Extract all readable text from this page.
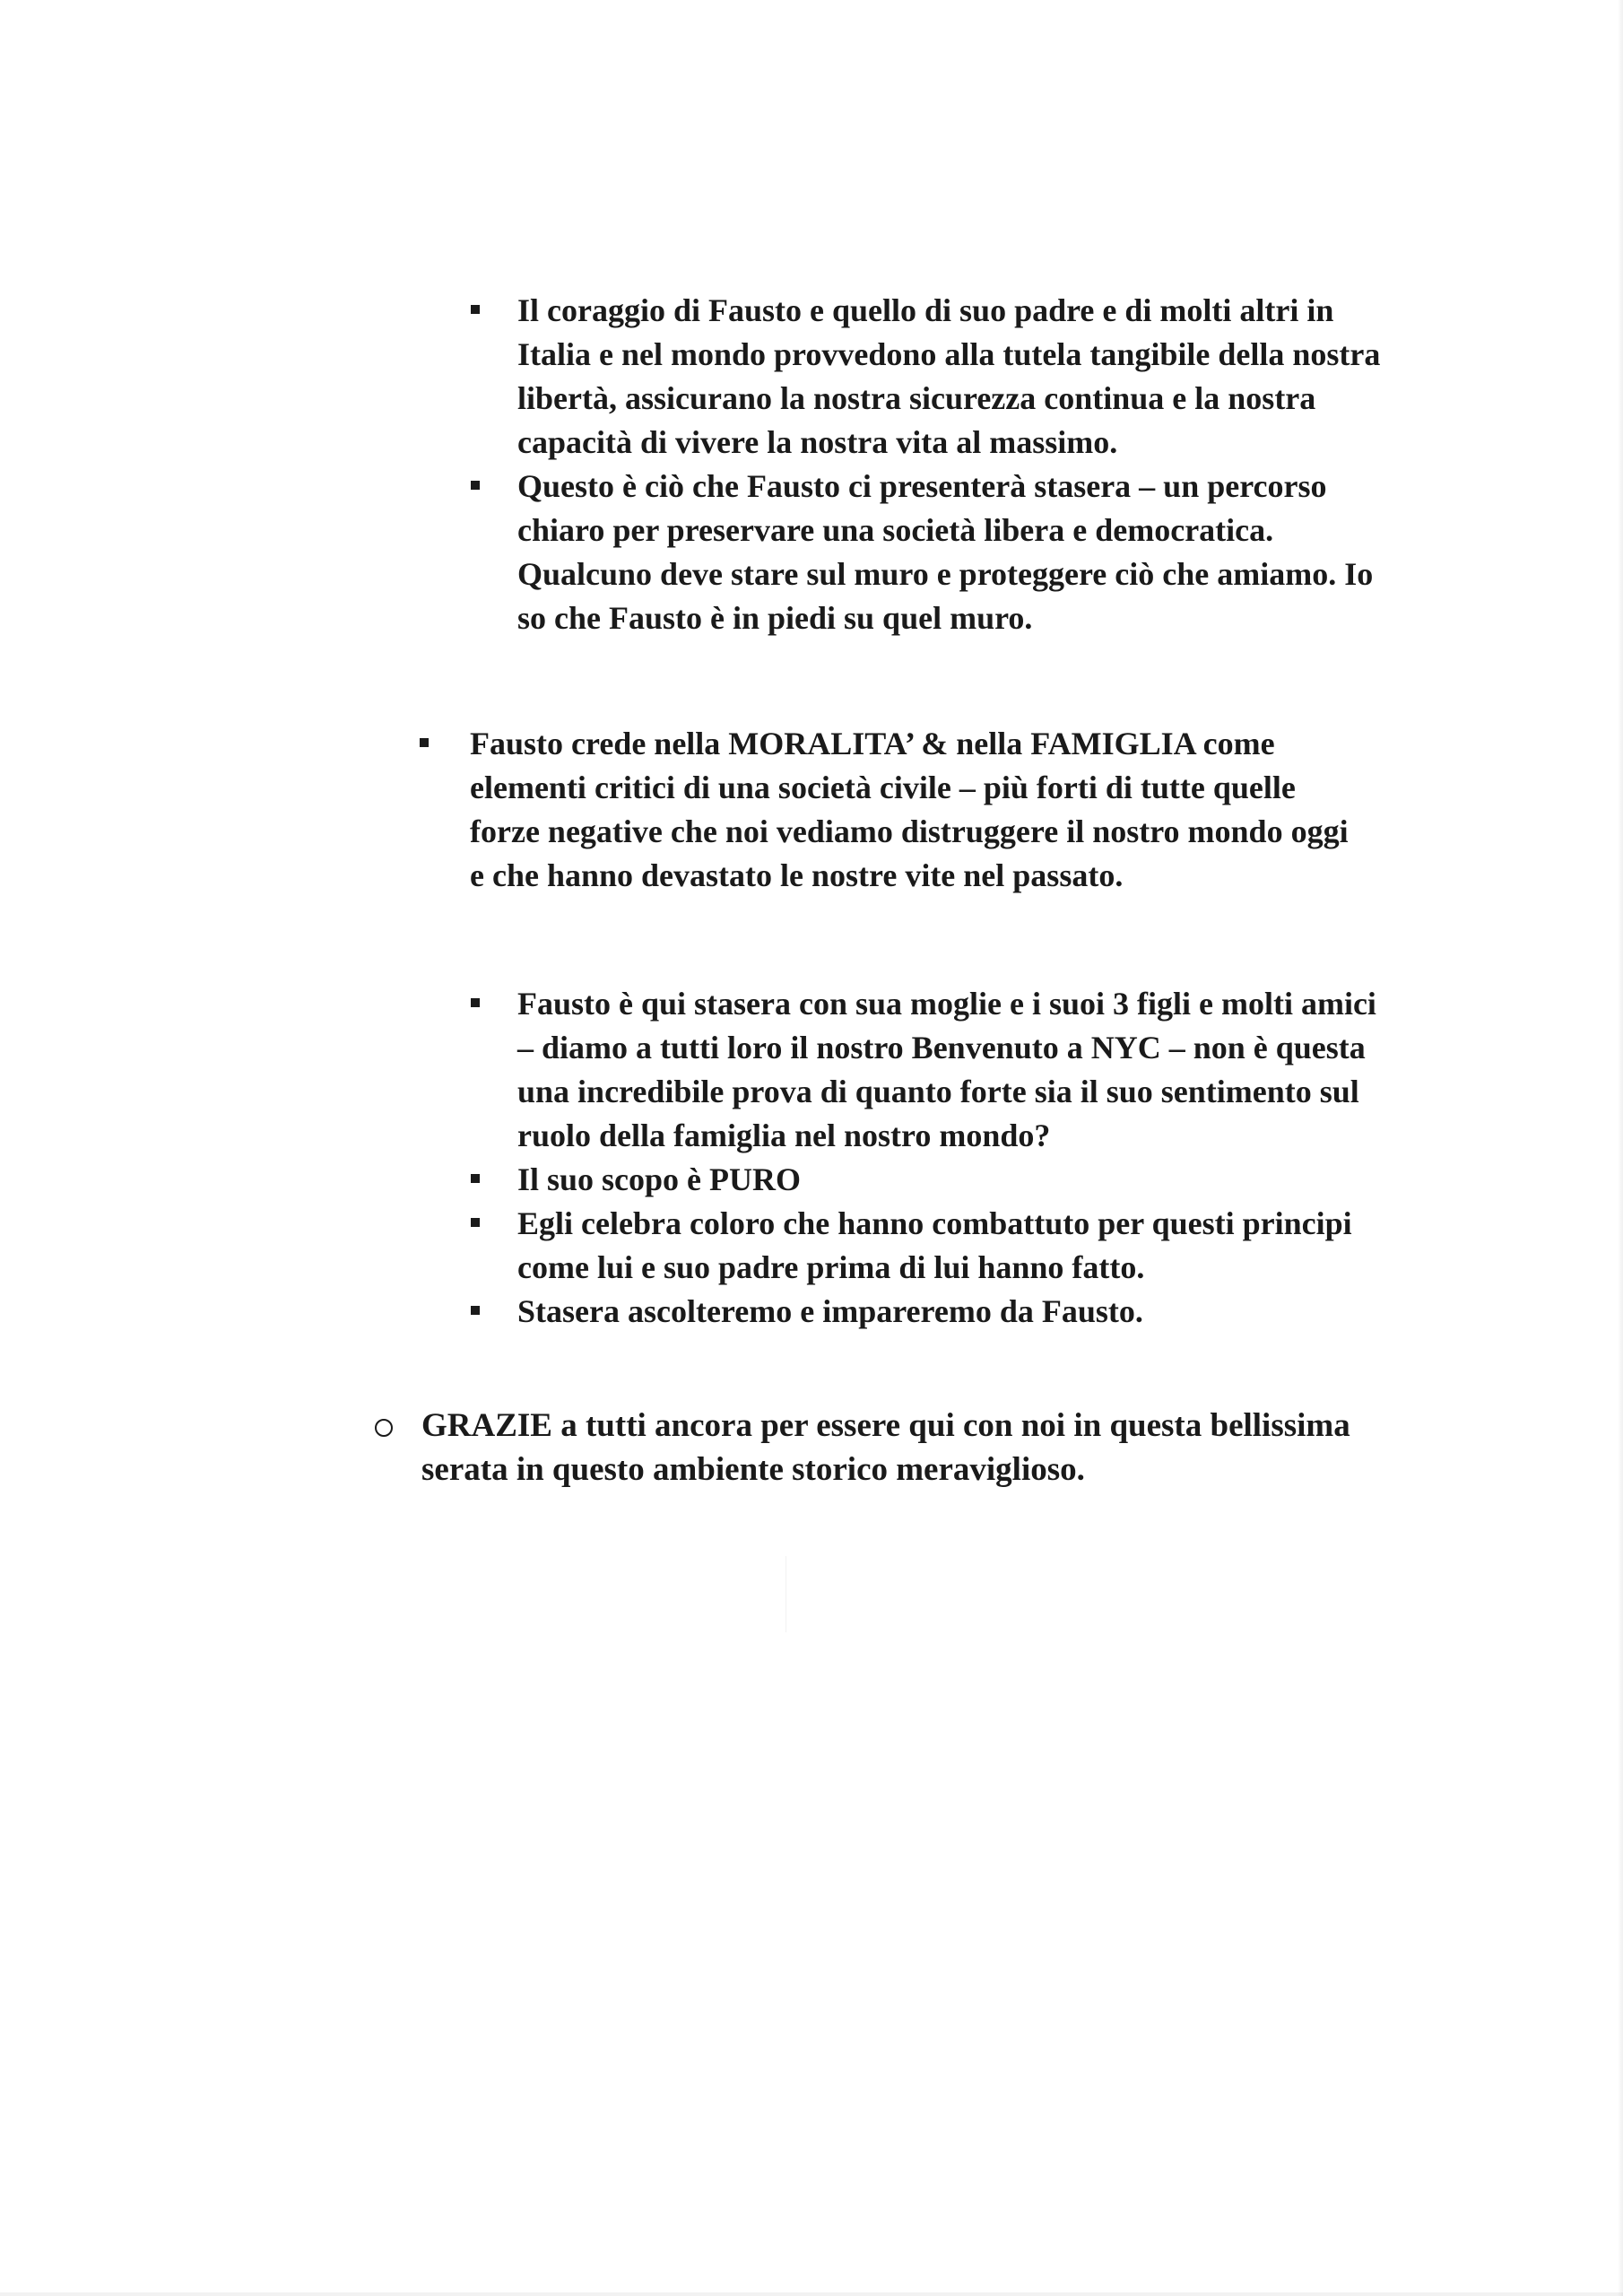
Il coraggio di Fausto e quello di suo padre e di molti altri in Italia e nel mondo provvedono alla tutela tangibile della nostra libertà, assicurano la nostra sicurezza continua e la nostra capacità di vivere la nostra vita al massimo.
Questo è ciò che Fausto ci presenterà stasera – un percorso chiaro per preservare una società libera e democratica. Qualcuno deve stare sul muro e proteggere ciò che amiamo. Io so che Fausto è in piedi su quel muro.
Fausto crede nella MORALITA’ & nella FAMIGLIA come elementi critici di una società civile – più forti di tutte quelle forze negative che noi vediamo distruggere il nostro mondo oggi e che hanno devastato le nostre vite nel passato.
Fausto è qui stasera con sua moglie e i suoi 3 figli e molti amici – diamo a tutti loro il nostro Benvenuto a NYC – non è questa una incredibile prova di quanto forte sia il suo sentimento sul ruolo della famiglia nel nostro mondo?
Il suo scopo è PURO
Egli celebra coloro che hanno combattuto per questi principi come lui e suo padre prima di lui hanno fatto.
Stasera ascolteremo e impareremo da Fausto.
GRAZIE a tutti ancora per essere qui con noi in questa bellissima serata in questo ambiente storico meraviglioso.
